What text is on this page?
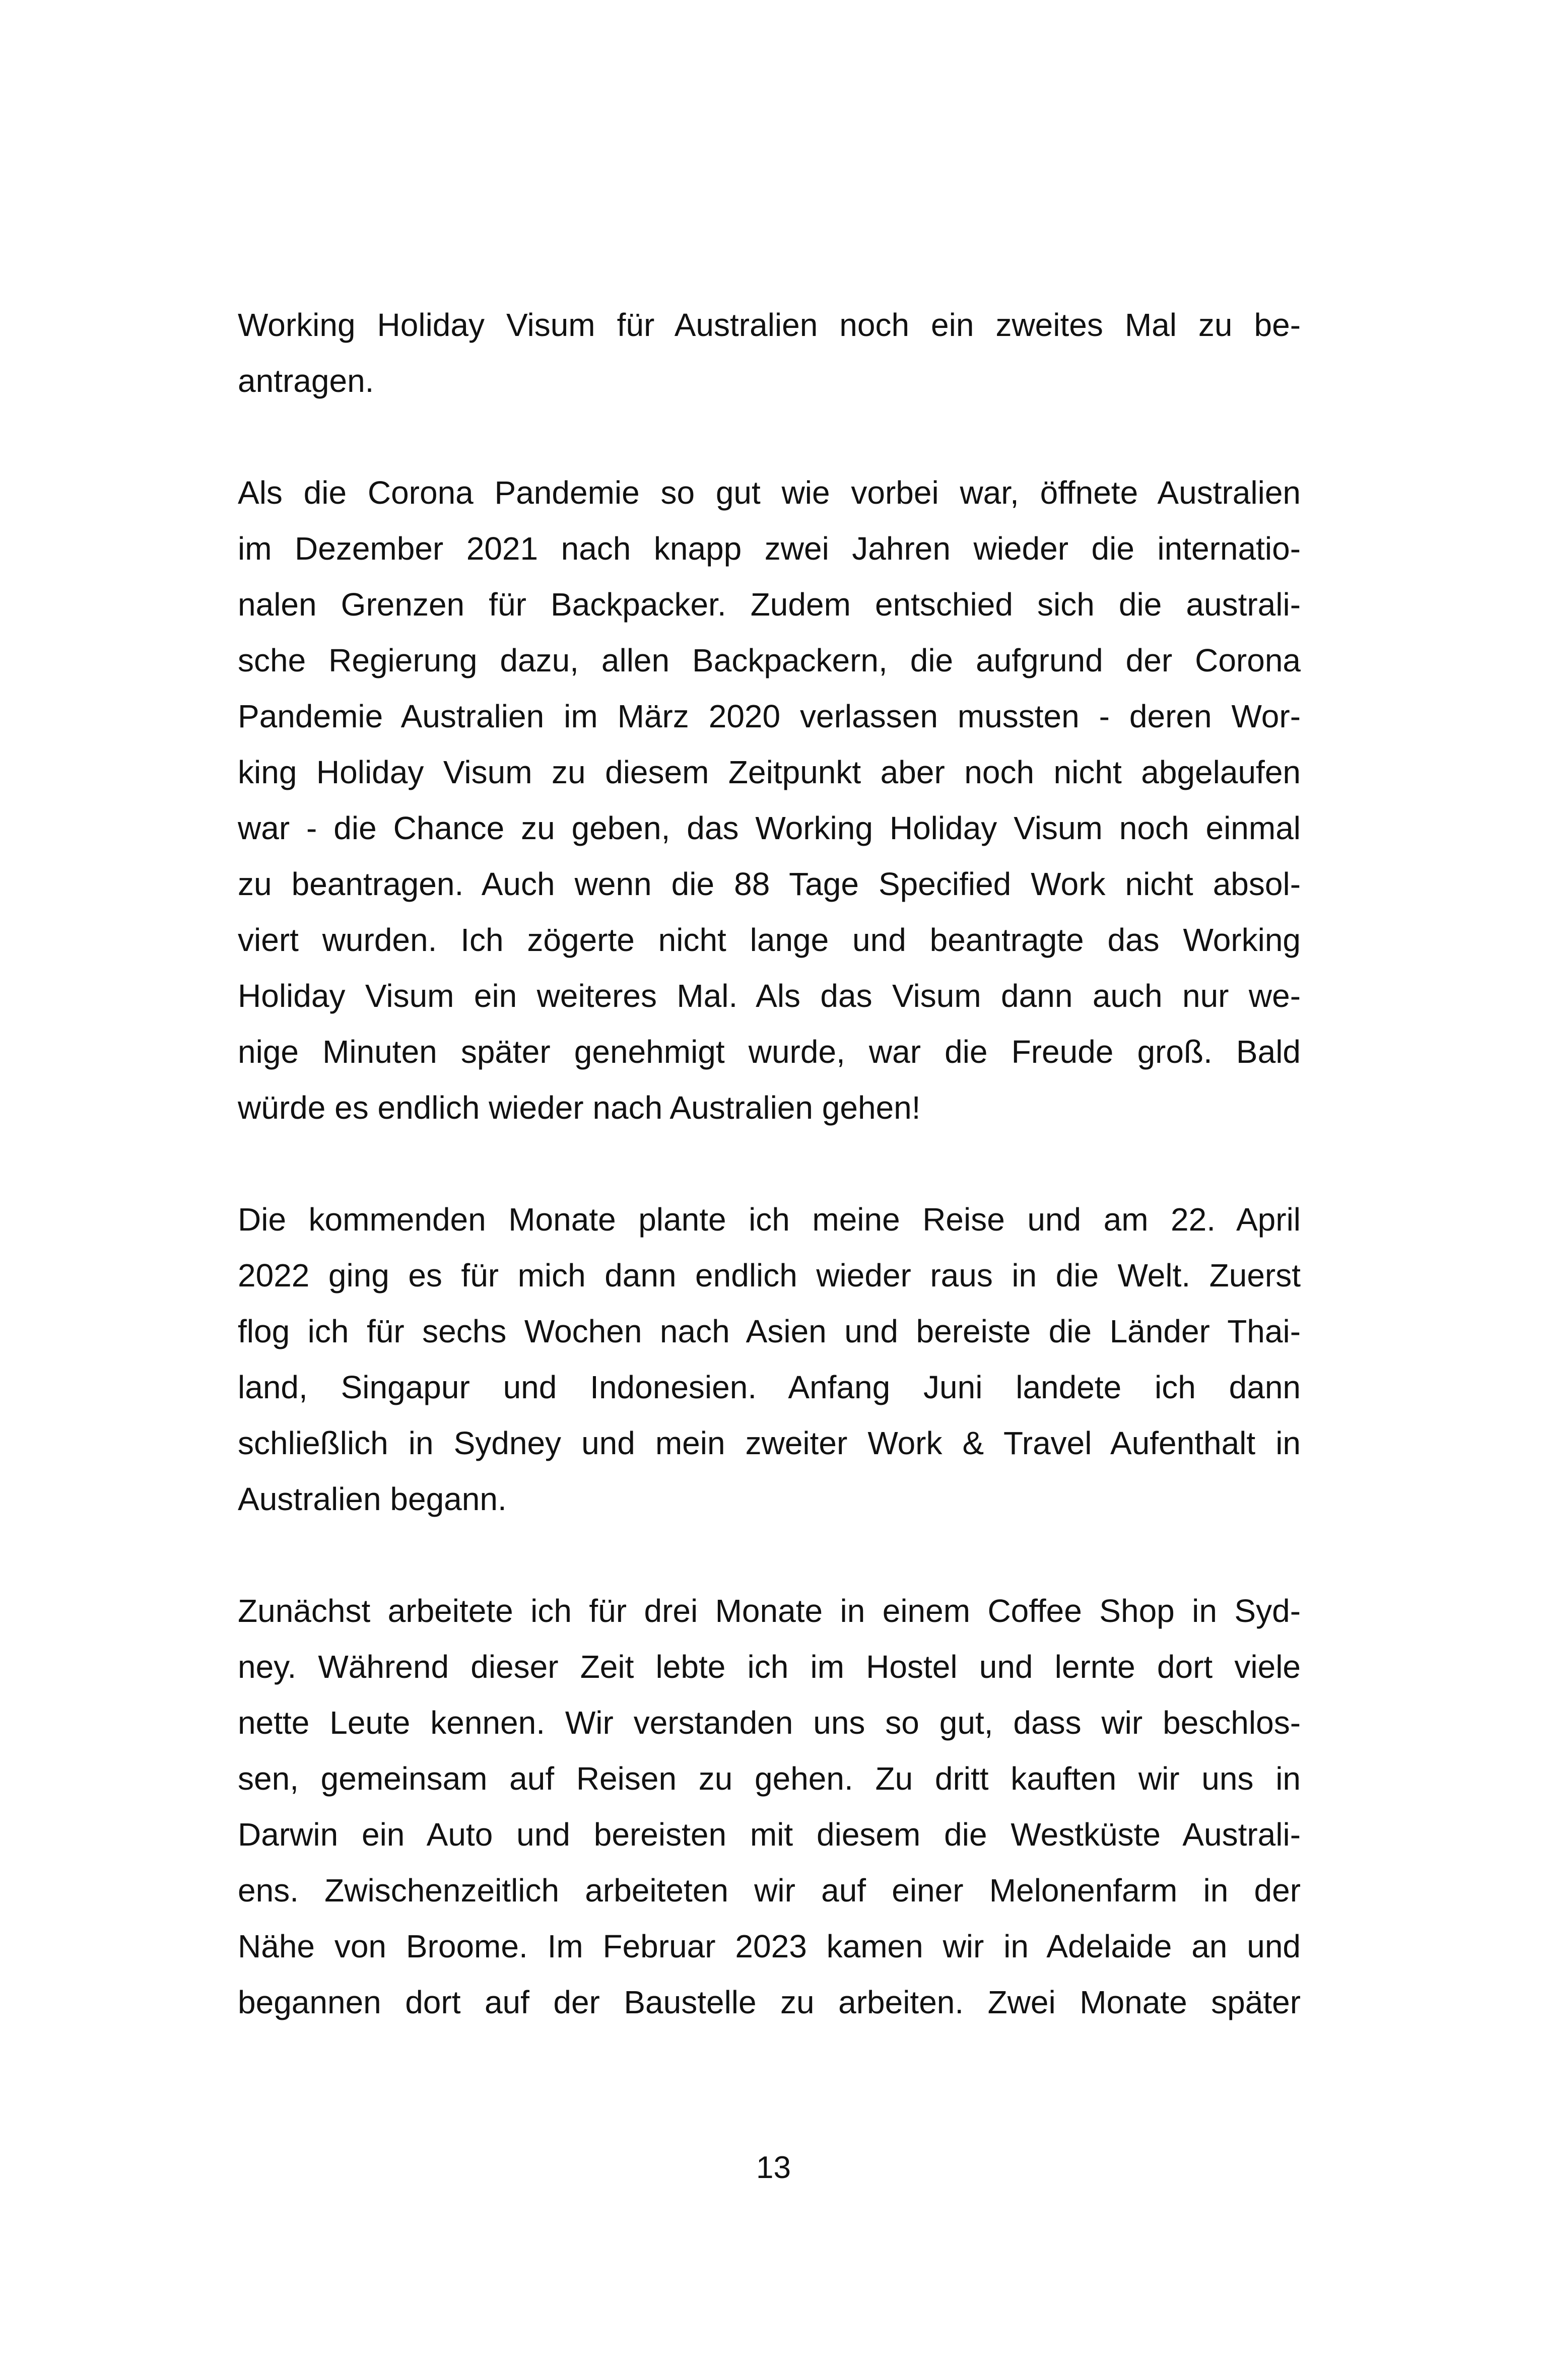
Working Holiday Visum für Australien noch ein zweites Mal zu be-
antragen.
Als die Corona Pandemie so gut wie vorbei war, öffnete Australien
im Dezember 2021 nach knapp zwei Jahren wieder die internatio-
nalen Grenzen für Backpacker. Zudem entschied sich die australi-
sche Regierung dazu, allen Backpackern, die aufgrund der Corona
Pandemie Australien im März 2020 verlassen mussten - deren Wor-
king Holiday Visum zu diesem Zeitpunkt aber noch nicht abgelaufen
war - die Chance zu geben, das Working Holiday Visum noch einmal
zu beantragen. Auch wenn die 88 Tage Specified Work nicht absol-
viert wurden. Ich zögerte nicht lange und beantragte das Working
Holiday Visum ein weiteres Mal. Als das Visum dann auch nur we-
nige Minuten später genehmigt wurde, war die Freude groß. Bald
würde es endlich wieder nach Australien gehen!
Die kommenden Monate plante ich meine Reise und am 22. April
2022 ging es für mich dann endlich wieder raus in die Welt. Zuerst
flog ich für sechs Wochen nach Asien und bereiste die Länder Thai-
land, Singapur und Indonesien. Anfang Juni landete ich dann
schließlich in Sydney und mein zweiter Work & Travel Aufenthalt in
Australien begann.
Zunächst arbeitete ich für drei Monate in einem Coffee Shop in Syd-
ney. Während dieser Zeit lebte ich im Hostel und lernte dort viele
nette Leute kennen. Wir verstanden uns so gut, dass wir beschlos-
sen, gemeinsam auf Reisen zu gehen. Zu dritt kauften wir uns in
Darwin ein Auto und bereisten mit diesem die Westküste Australi-
ens. Zwischenzeitlich arbeiteten wir auf einer Melonenfarm in der
Nähe von Broome. Im Februar 2023 kamen wir in Adelaide an und
begannen dort auf der Baustelle zu arbeiten. Zwei Monate später
13
